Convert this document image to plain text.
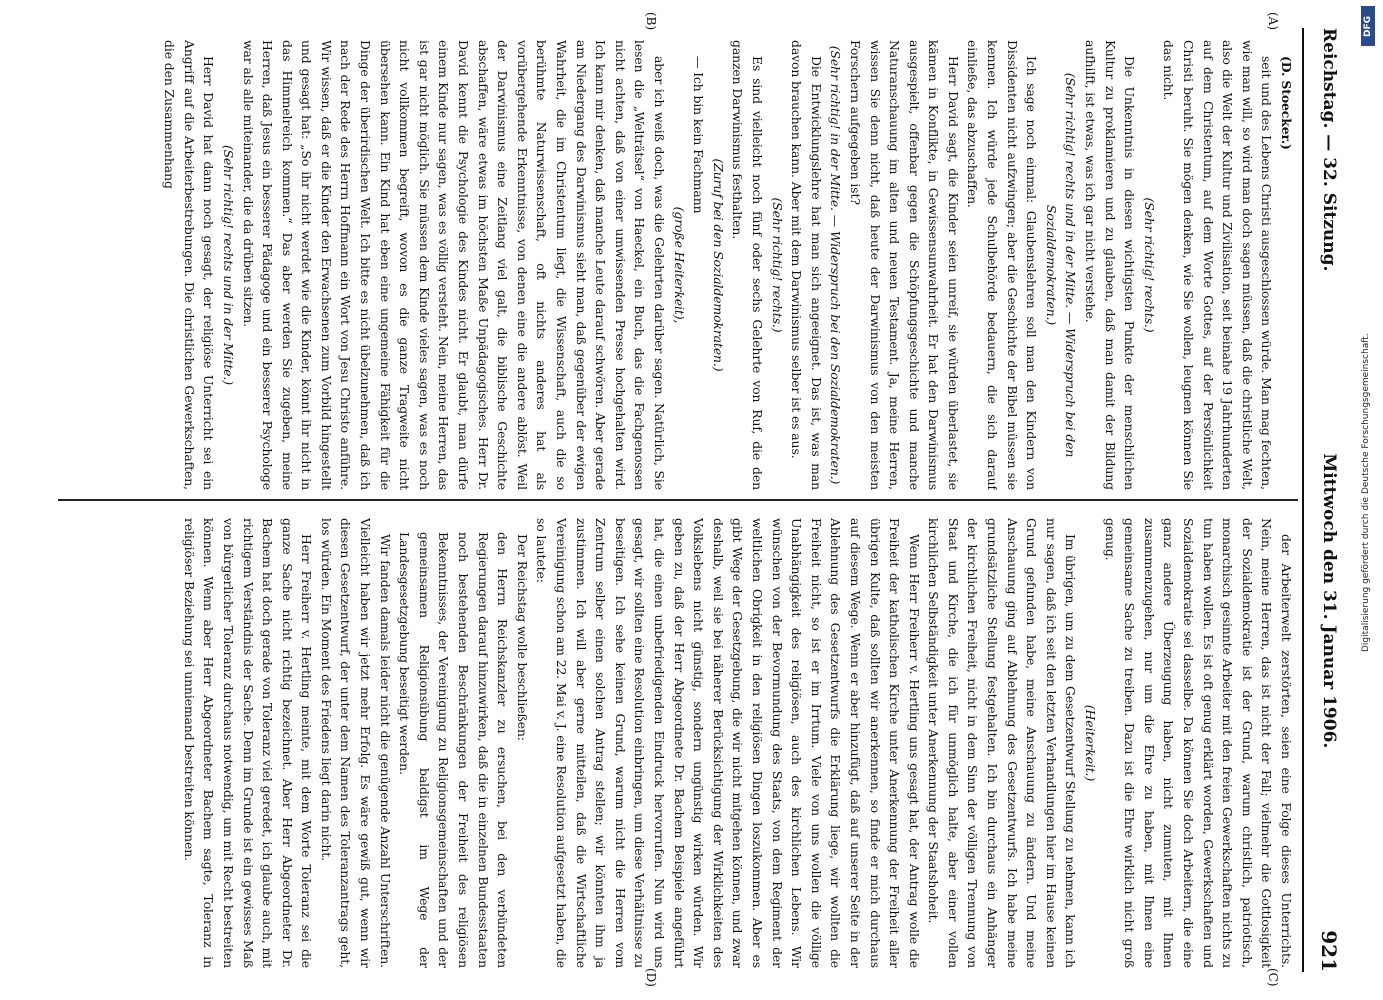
Reichstag. — 32. Sitzung.
Mittwoch den 31. Januar 1906.
921
(A)
(B)
(C)
(D)

(D. Stoecker.)

seit und des Lebens Christi ausgeschlossen würde. Man mag fechten, wie man will, so wird man doch sagen müssen, daß die christliche Welt, also die Welt der Kultur und Zivilisation, seit beinahe 19 Jahrhunderten auf dem Christentum, auf dem Worte Gottes, auf der Persönlichkeit Christi beruht. Sie mögen denken, wie Sie wollen, leugnen können Sie das nicht.

(Sehr richtig! rechts.)

Die Unkenntnis in diesen wichtigsten Punkte der menschlichen Kultur zu proklamieren und zu glauben, daß man damit der Bildung aufhilft, ist etwas, was ich gar nicht verstehe.

(Sehr richtig! rechts und in der Mitte. — Widerspruch bei den Sozialdemokraten.)

Ich sage noch einmal: Glaubenslehren soll man den Kindern von Dissidenten nicht aufzwingen; aber die Geschichte der Bibel müssen sie kennen. Ich würde jede Schulbehörde bedauern, die sich darauf einließe, das abzuschaffen.

Herr David sagt, die Kinder seien unreif, sie würden überlastet, sie kämen in Konflikte, in Gewissensunwahrheit. Er hat den Darwinismus ausgespielt, offenbar gegen die Schöpfungsgeschichte und manche Naturanschauung im alten und neuen Testament. Ja, meine Herren, wissen Sie denn nicht, daß heute der Darwinismus von den meisten Forschern aufgegeben ist?

(Sehr richtig! in der Mitte. — Widerspruch bei den Sozialdemokraten.)

Die Entwicklungslehre hat man sich angeeignet. Das ist, was man davon brauchen kann. Aber mit dem Darwinismus selber ist es aus.

(Sehr richtig! rechts.)

Es sind vielleicht noch fünf oder sechs Gelehrte von Ruf, die den ganzen Darwinismus festhalten.

(Zuruf bei den Sozialdemokraten.)

— Ich bin kein Fachmann

(große Heiterkeit),

aber ich weiß doch, was die Gelehrten darüber sagen. Natürlich, Sie lesen die „Welträtsel“ von Haeckel, ein Buch, das die Fachgenossen nicht achten, daß von einer umwissenden Presse hochgehalten wird. Ich kann mir denken, daß manche Leute darauf schwören. Aber gerade am Niedergang des Darwinismus sieht man, daß gegenüber der ewigen Wahrheit, die im Christentum liegt, die Wissenschaft, auch die so berühmte Naturwissenschaft, oft nichts anderes hat als vorübergehende Erkenntnisse, von denen eine die andere ablöst. Weil der Darwinismus eine Zeitlang viel galt, die biblische Geschichte abschaffen, wäre etwas im höchsten Maße Unpädagogisches. Herr Dr. David kennt die Psychologie des Kindes nicht. Er glaubt, man dürfe einem Kinde nur sagen, was es völlig versteht. Nein, meine Herren, das ist gar nicht möglich. Sie müssen dem Kinde vieles sagen, was es noch nicht vollkommen begreift, wovon es die ganze Tragweite nicht übersehen kann. Ein Kind hat eben eine ungemeine Fähigkeit für die Dinge der überirdischen Welt. Ich bitte es nicht übelzunehmen, daß ich nach der Rede des Herrn Hoffmann ein Wort von Jesu Christo anführe. Wir wissen, daß er die Kinder den Erwachsenen zum Vorbild hingestellt und gesagt hat: „So ihr nicht werdet wie die Kinder, könnt ihr nicht in das Himmelreich kommen.“ Das aber werden Sie zugeben, meine Herren, daß Jesus ein besserer Pädagoge und ein besserer Psychologe war als alle miteinander, die da drüben sitzen.

(Sehr richtig! rechts und in der Mitte.)

Herr David hat dann noch gesagt, der religiöse Unterricht sei ein Angriff auf die Arbeiterbestrebungen. Die christlichen Gewerkschaften, die den Zusammenhang

der Arbeiterwelt zerstörten, seien eine Folge dieses Unterrichts. Nein, meine Herren, das ist nicht der Fall; vielmehr die Gottlosigkeit der Sozialdemokratie ist der Grund, warum christlich, patriotisch, monarchisch gesinnte Arbeiter mit den freien Gewerkschaften nichts zu tun haben wollen. Es ist oft genug erklärt worden, Gewerkschaften und Sozialdemokratie sei dasselbe. Da können Sie doch Arbeitern, die eine ganz andere Überzeugung haben, nicht zumuten, mit Ihnen zusammenzugehen, nur um die Ehre zu haben, mit Ihnen eine gemeinsame Sache zu treiben. Dazu ist die Ehre wirklich nicht groß genug.

(Heiterkeit.)

Im übrigen, um zu dem Gesetzentwurf Stellung zu nehmen, kann ich nur sagen, daß ich seit den letzten Verhandlungen hier im Hause keinen Grund gefunden habe, meine Anschauung zu ändern. Und meine Anschauung ging auf Ablehnung des Gesetzentwurfs. Ich habe meine grundsätzliche Stellung festgehalten. Ich bin durchaus ein Anhänger der kirchlichen Freiheit, nicht in dem Sinn der völligen Trennung von Staat und Kirche, die ich für unmöglich halte, aber einer vollen kirchlichen Selbständigkeit unter Anerkennung der Staatshoheit.

Wenn Herr Freiherr v. Hertling uns gesagt hat, der Antrag wolle die Freiheit der katholischen Kirche unter Anerkennung der Freiheit aller übrigen Kulte, daß sollten wir anerkennen, so finde er mich durchaus auf diesem Wege. Wenn er aber hinzufügt, daß auf unserer Seite in der Ablehnung des Gesetzentwurfs die Erklärung liege, wir wollten die Freiheit nicht, so ist er im Irrtum. Viele von uns wollen die völlige Unabhängigkeit des religiösen, auch des kirchlichen Lebens. Wir wünschen von der Bevormundung des Staats, von dem Regiment der weltlichen Obrigkeit in den religiösen Dingen loszukommen. Aber es gibt Wege der Gesetzgebung, die wir nicht mitgehen können, und zwar deshalb, weil sie bei näherer Berücksichtigung der Wirklichkeiten des Volkslebens nicht günstig, sondern ungünstig wirken würden. Wir geben zu, daß der Herr Abgeordnete Dr. Bachem Beispiele angeführt hat, die einen unbefriedigenden Eindruck hervorrufen. Nun wird uns gesagt, wir sollten eine Resolution einbringen, um diese Verhältnisse zu beseitigen. Ich sehe keinen Grund, warum nicht die Herren vom Zentrum selber einen solchen Antrag stellen; wir könnten ihm ja zustimmen. Ich will aber gerne mitteilen, daß die Wirtschaftliche Vereinigung schon am 22. Mai v. J. eine Resolution aufgesetzt haben, die so lautete:

Der Reichstag wolle beschließen:

den Herrn Reichskanzler zu ersuchen, bei den verbündeten Regierungen darauf hinzuwirken, daß die in einzelnen Bundesstaaten noch bestehenden Beschränkungen der Freiheit des religiösen Bekenntnisses, der Vereinigung zu Religionsgemeinschaften und der gemeinsamen Religionsübung baldigst im Wege der Landesgesetzgebung beseitigt werden.

Wir fanden damals leider nicht die genügende Anzahl Unterschriften. Vielleicht haben wir jetzt mehr Erfolg. Es wäre gewiß gut, wenn wir diesen Gesetzentwurf, der unter dem Namen des Toleranzantrags geht, los würden. Ein Moment des Friedens liegt darin nicht.

Herr Freiherr v. Hertling meinte, mit dem Worte Toleranz sei die ganze Sache nicht richtig bezeichnet. Aber Herr Abgeordneter Dr. Bachem hat doch gerade von Toleranz viel geredet, ich glaube auch, mit richtigem Verständnis der Sache. Denn im Grunde ist ein gewisses Maß von bürgerlicher Toleranz durchaus notwendig, um mit Recht bestreiten können. Wenn aber Herr Abgeordneter Bachem sagte, Toleranz in religiöser Beziehung sei unniemand bestreiten können.

DFG
Digitalisierung gefördert durch die Deutsche Forschungsgemeinschaft.
